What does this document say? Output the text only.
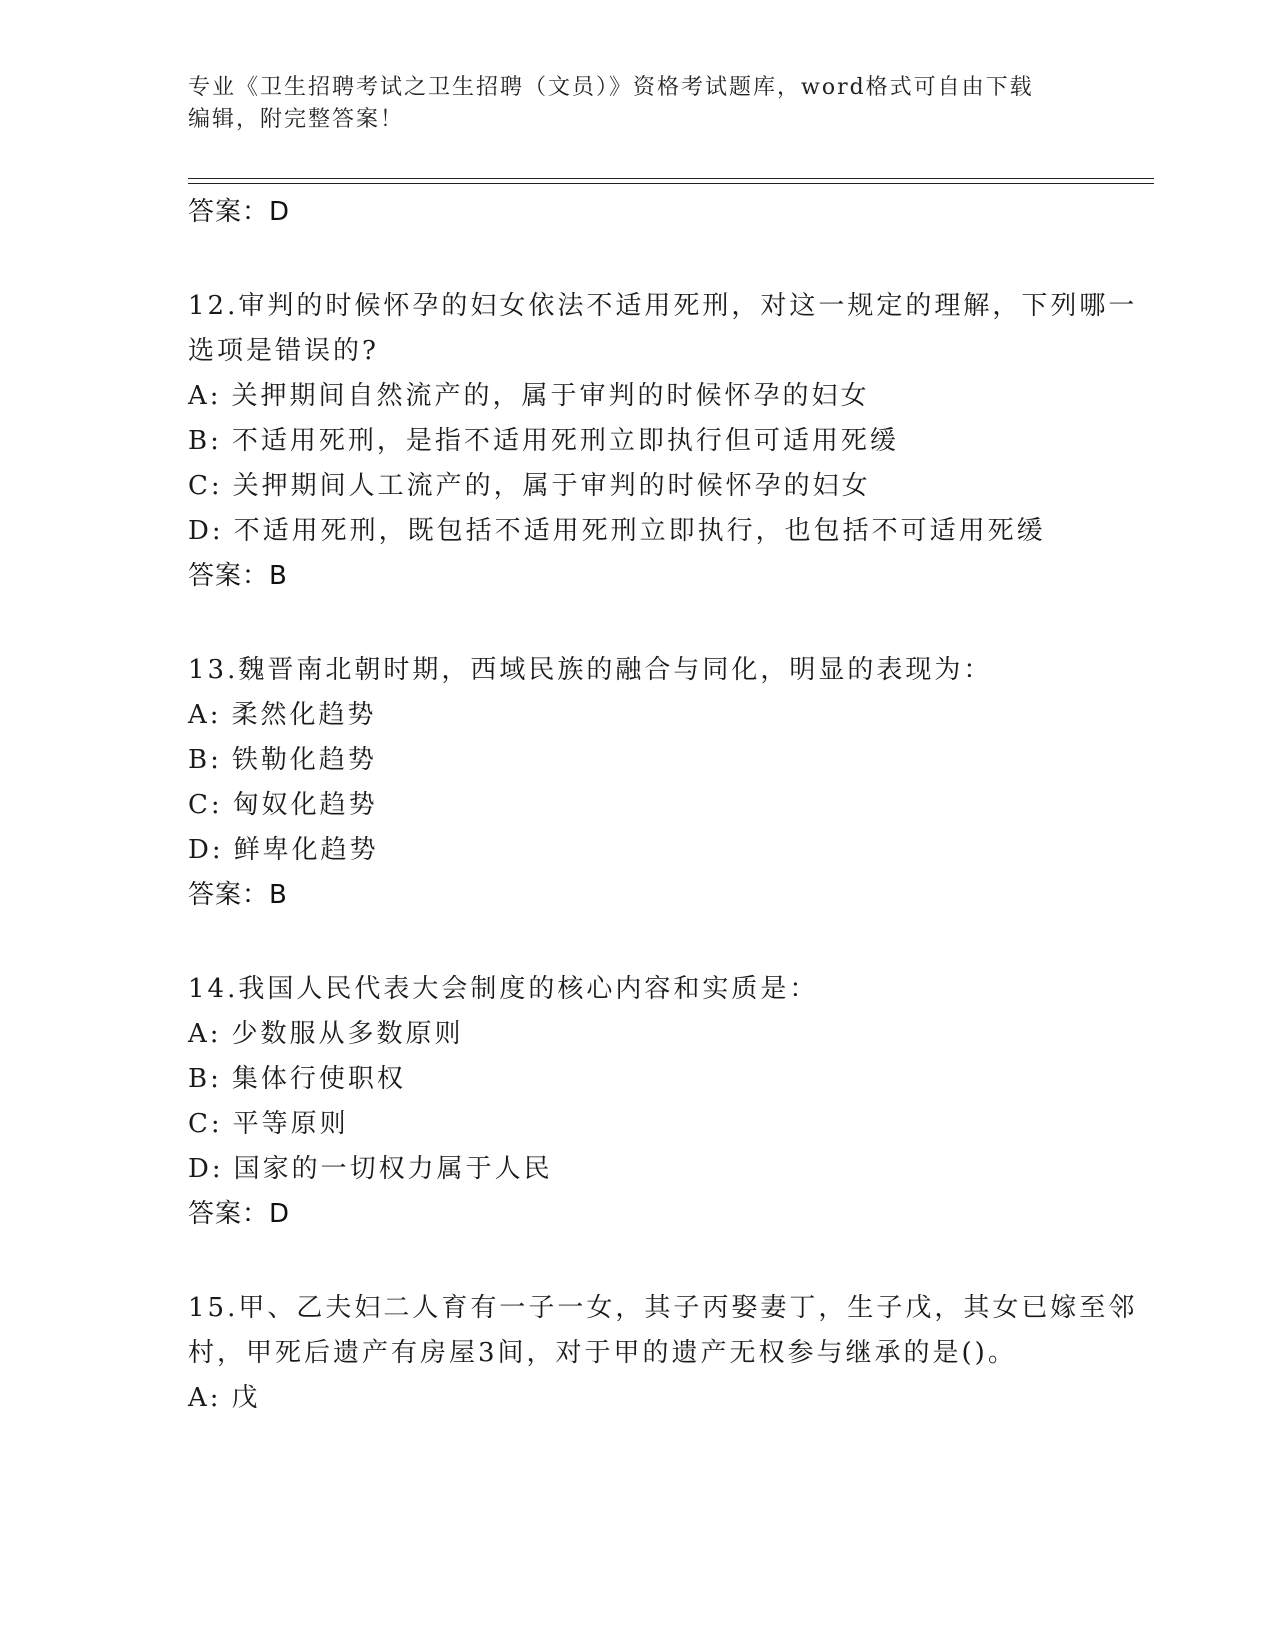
专业《卫生招聘考试之卫生招聘（文员）》资格考试题库，word格式可自由下载
编辑，附完整答案！
答案：D
12.审判的时候怀孕的妇女依法不适用死刑，对这一规定的理解，下列哪一选项是错误的?
A: 关押期间自然流产的，属于审判的时候怀孕的妇女
B: 不适用死刑，是指不适用死刑立即执行但可适用死缓
C: 关押期间人工流产的，属于审判的时候怀孕的妇女
D: 不适用死刑，既包括不适用死刑立即执行，也包括不可适用死缓
答案：B
13.魏晋南北朝时期，西域民族的融合与同化，明显的表现为：
A: 柔然化趋势
B: 铁勒化趋势
C: 匈奴化趋势
D: 鲜卑化趋势
答案：B
14.我国人民代表大会制度的核心内容和实质是：
A: 少数服从多数原则
B: 集体行使职权
C: 平等原则
D: 国家的一切权力属于人民
答案：D
15.甲、乙夫妇二人育有一子一女，其子丙娶妻丁，生子戊，其女已嫁至邻村，甲死后遗产有房屋3间，对于甲的遗产无权参与继承的是()。
A: 戊
